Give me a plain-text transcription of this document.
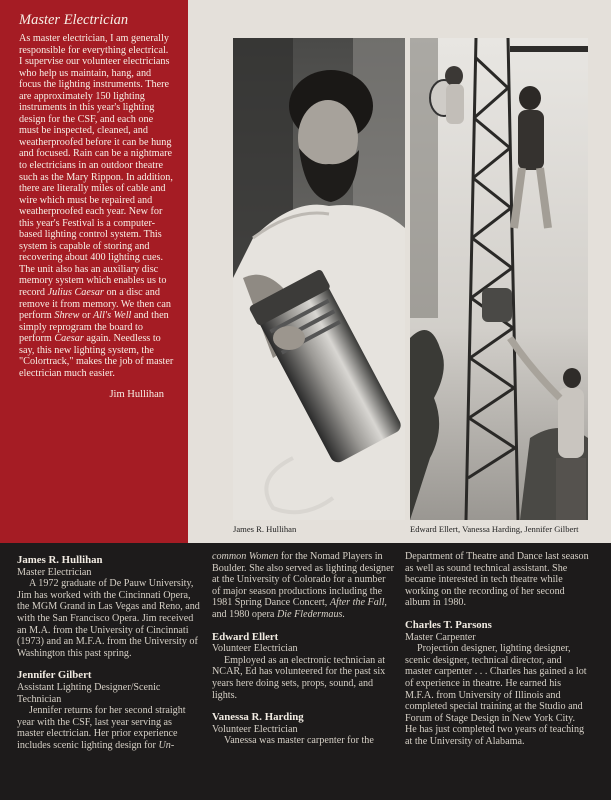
Master Electrician

As master electrician, I am generally responsible for everything electrical. I supervise our volunteer electricians who help us maintain, hang, and focus the lighting instruments. There are approximately 150 lighting instruments in this year's lighting design for the CSF, and each one must be inspected, cleaned, and weatherproofed before it can be hung and focused. Rain can be a nightmare to electricians in an outdoor theatre such as the Mary Rippon. In addition, there are literally miles of cable and wire which must be repaired and weatherproofed each year. New for this year's Festival is a computer-based lighting control system. This system is capable of storing and recovering about 400 lighting cues. The unit also has an auxiliary disc memory system which enables us to record Julius Caesar on a disc and remove it from memory. We then can perform Shrew or All's Well and then simply reprogram the board to perform Caesar again. Needless to say, this new lighting system, the "Colortrack," makes the job of master electrician much easier.

Jim Hullihan
James R. Hullihan	Edward Ellert, Vanessa Harding, Jennifer Gilbert
James R. Hullihan
Master Electrician
A 1972 graduate of De Pauw University, Jim has worked with the Cincinnati Opera, the MGM Grand in Las Vegas and Reno, and with the San Francisco Opera. Jim received an M.A. from the University of Cincinnati (1973) and an M.F.A. from the University of Washington this past spring.
Jennifer Gilbert
Assistant Lighting Designer/Scenic Technician
Jennifer returns for her second straight year with the CSF, last year serving as master electrician. Her prior experience includes scenic lighting design for Un-
common Women for the Nomad Players in Boulder. She also served as lighting designer at the University of Colorado for a number of major season productions including the 1981 Spring Dance Concert, After the Fall, and 1980 opera Die Fledermaus.
Edward Ellert
Volunteer Electrician
Employed as an electronic technician at NCAR, Ed has volunteered for the past six years here doing sets, props, sound, and lights.
Vanessa R. Harding
Volunteer Electrician
Vanessa was master carpenter for the
Department of Theatre and Dance last season as well as sound technical assistant. She became interested in tech theatre while working on the recording of her second album in 1980.
Charles T. Parsons
Master Carpenter
Projection designer, lighting designer, scenic designer, technical director, and master carpenter . . . Charles has gained a lot of experience in theatre. He earned his M.F.A. from University of Illinois and completed special training at the Studio and Forum of Stage Design in New York City. He has just completed two years of teaching at the University of Alabama.
